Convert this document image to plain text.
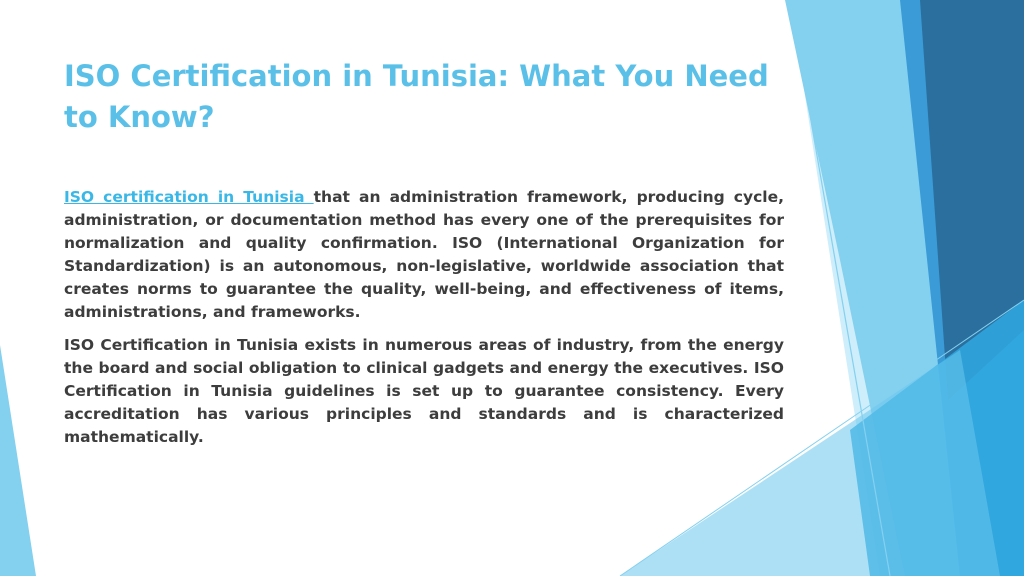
ISO Certification in Tunisia: What You Need to Know?

ISO certification in Tunisia that an administration framework, producing cycle, administration, or documentation method has every one of the prerequisites for normalization and quality confirmation. ISO (International Organization for Standardization) is an autonomous, non-legislative, worldwide association that creates norms to guarantee the quality, well-being, and effectiveness of items, administrations, and frameworks.

ISO Certification in Tunisia exists in numerous areas of industry, from the energy the board and social obligation to clinical gadgets and energy the executives. ISO Certification in Tunisia guidelines is set up to guarantee consistency. Every accreditation has various principles and standards and is characterized mathematically.
